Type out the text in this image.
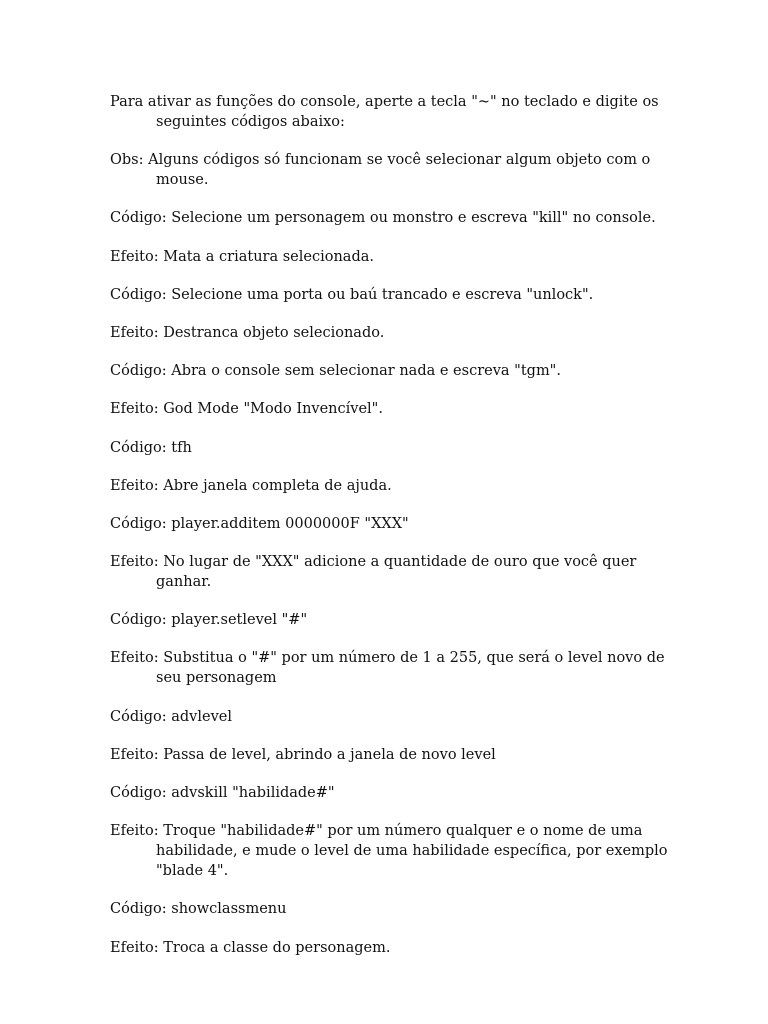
Para ativar as funções do console, aperte a tecla "~" no teclado e digite os seguintes códigos abaixo:

Obs: Alguns códigos só funcionam se você selecionar algum objeto com o mouse.

Código: Selecione um personagem ou monstro e escreva "kill" no console.

Efeito: Mata a criatura selecionada.

Código: Selecione uma porta ou baú trancado e escreva "unlock".

Efeito: Destranca objeto selecionado.

Código: Abra o console sem selecionar nada e escreva "tgm".

Efeito: God Mode "Modo Invencível".

Código: tfh

Efeito: Abre janela completa de ajuda.

Código: player.additem 0000000F "XXX"

Efeito: No lugar de "XXX" adicione a quantidade de ouro que você quer ganhar.

Código: player.setlevel "#"

Efeito: Substitua o "#" por um número de 1 a 255, que será o level novo de seu personagem

Código: advlevel

Efeito: Passa de level, abrindo a janela de novo level

Código: advskill "habilidade#"

Efeito: Troque "habilidade#" por um número qualquer e o nome de uma habilidade, e mude o level de uma habilidade específica, por exemplo "blade 4".

Código: showclassmenu

Efeito: Troca a classe do personagem.
